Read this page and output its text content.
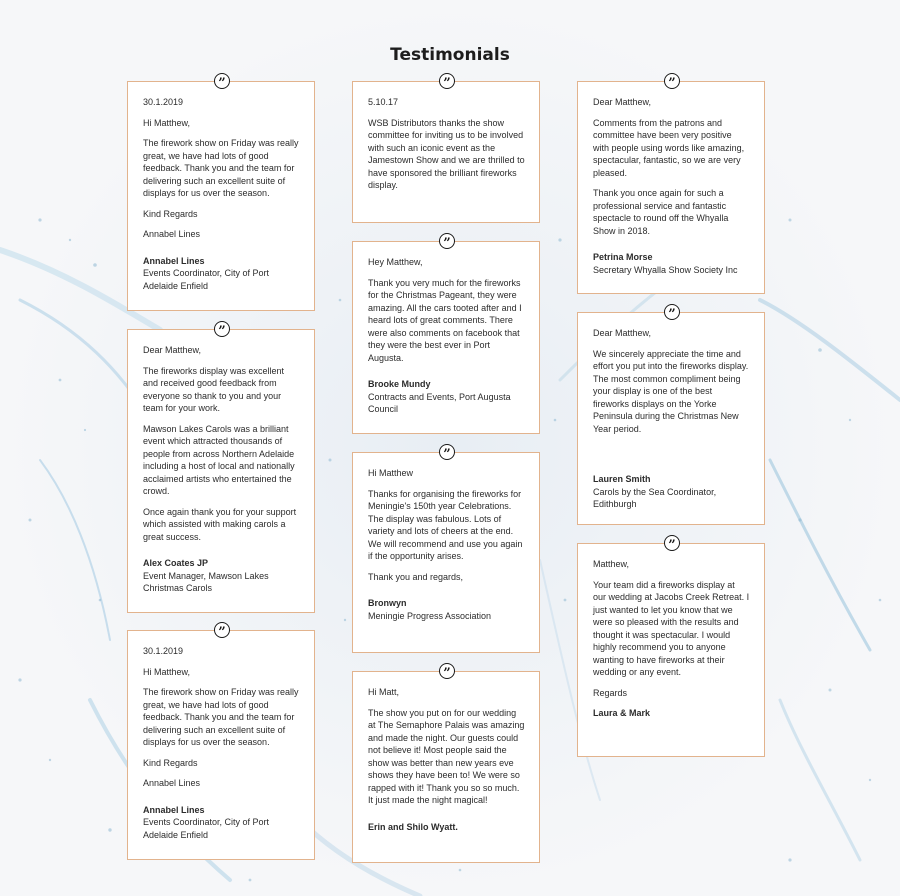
Testimonials
”

30.1.2019

Hi Matthew,

The firework show on Friday was really great, we have had lots of good feedback. Thank you and the team for delivering such an excellent suite of displays for us over the season.

Kind Regards

Annabel Lines

Annabel Lines
Events Coordinator, City of Port Adelaide Enfield
”

Dear Matthew,

The fireworks display was excellent and received good feedback from everyone so thank to you and your team for your work.

Mawson Lakes Carols was a brilliant event which attracted thousands of people from across Northern Adelaide including a host of local and nationally acclaimed artists who entertained the crowd.

Once again thank you for your support which assisted with making carols a great success.

Alex Coates JP
Event Manager, Mawson Lakes Christmas Carols
”

30.1.2019

Hi Matthew,

The firework show on Friday was really great, we have had lots of good feedback. Thank you and the team for delivering such an excellent suite of displays for us over the season.

Kind Regards

Annabel Lines

Annabel Lines
Events Coordinator, City of Port Adelaide Enfield
”

5.10.17

WSB Distributors thanks the show committee for inviting us to be involved with such an iconic event as the Jamestown Show and we are thrilled to have sponsored the brilliant fireworks display.

”

Hey Matthew,

Thank you very much for the fireworks for the Christmas Pageant, they were amazing. All the cars tooted after and I heard lots of great comments. There were also comments on facebook that they were the best ever in Port Augusta.

Brooke Mundy
Contracts and Events, Port Augusta Council
”

Hi Matthew

Thanks for organising the fireworks for Meningie's 150th year Celebrations. The display was fabulous. Lots of variety and lots of cheers at the end. We will recommend and use you again if the opportunity arises.

Thank you and regards,

Bronwyn
Meningie Progress Association
”

Hi Matt,

The show you put on for our wedding at The Semaphore Palais was amazing and made the night. Our guests could not believe it! Most people said the show was better than new years eve shows they have been to! We were so rapped with it! Thank you so so much. It just made the night magical!

Erin and Shilo Wyatt.
”

Dear Matthew,

Comments from the patrons and committee have been very positive with people using words like amazing, spectacular, fantastic, so we are very pleased.

Thank you once again for such a professional service and fantastic spectacle to round off the Whyalla Show in 2018.

Petrina Morse
Secretary Whyalla Show Society Inc
”

Dear Matthew,

We sincerely appreciate the time and effort you put into the fireworks display. The most common compliment being your display is one of the best fireworks displays on the Yorke Peninsula during the Christmas New Year period.

Lauren Smith
Carols by the Sea Coordinator, Edithburgh
”

Matthew,

Your team did a fireworks display at our wedding at Jacobs Creek Retreat. I just wanted to let you know that we were so pleased with the results and thought it was spectacular. I would highly recommend you to anyone wanting to have fireworks at their wedding or any event.

Regards

Laura & Mark
